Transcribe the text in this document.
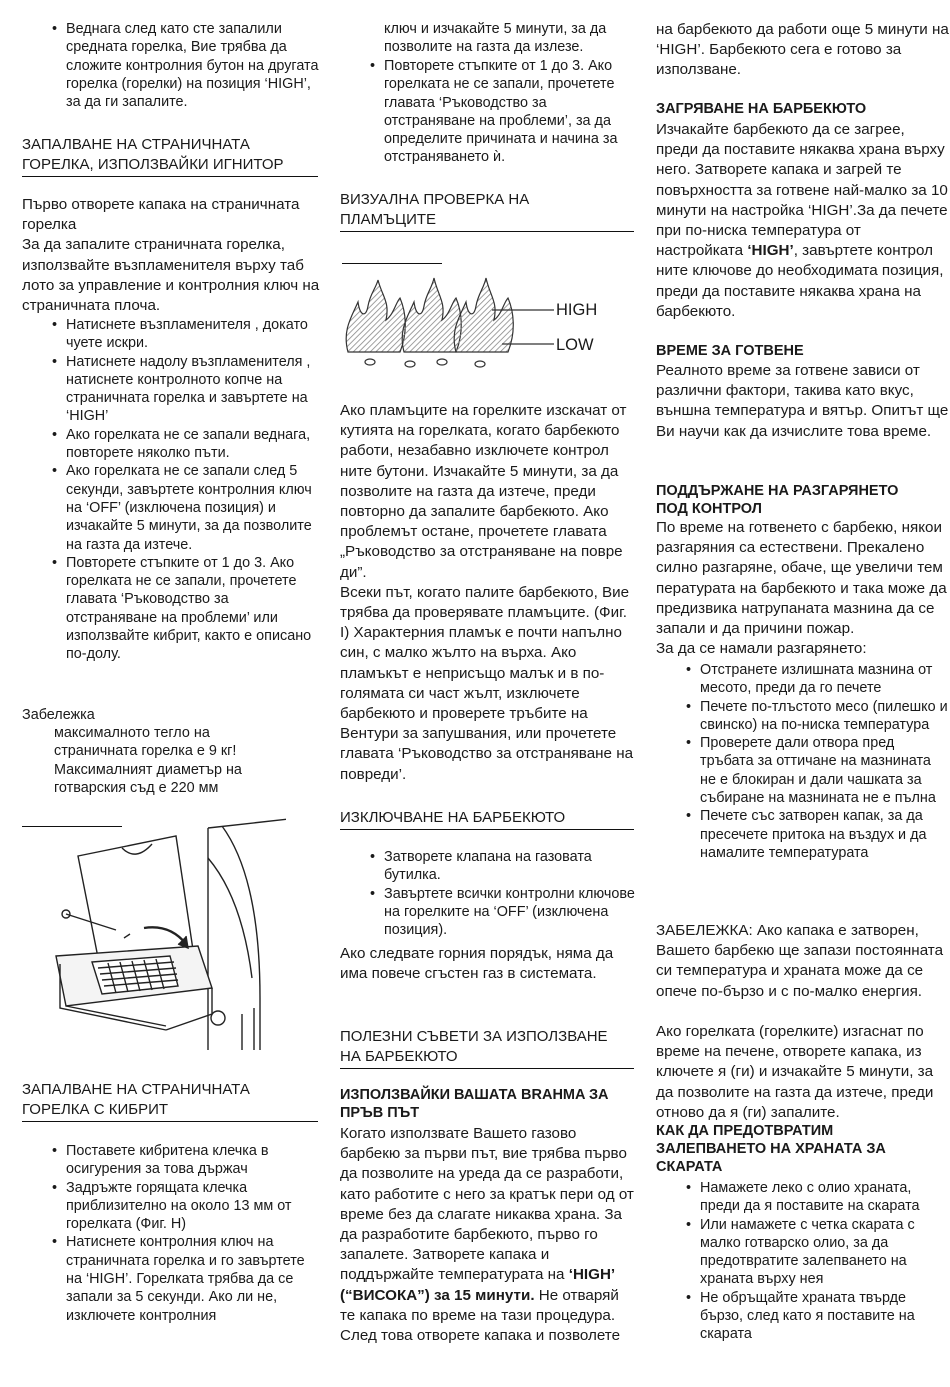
• Веднага след като сте запалили средната горелка, Вие трябва да сложите контролния бутон на другата горелка (горелки) на позиция ‘HIGH’, за да ги запалите.
ЗАПАЛВАНЕ НА СТРАНИЧНАТА
ГОРЕЛКА, ИЗПОЛЗВАЙКИ ИГНИТОР
Първо отворете капака на страничната горелка
За да запалите страничната горелка, използвайте възпламенителя върху таб лото за управление и контролния ключ на страничната плоча.
• Натиснете възпламенителя , докато чуете искри.
• Натиснете надолу възпламенителя , натиснете контролното копче на страничната горелка и завъртете на ‘HIGH’
• Ако горелката не се запали веднага, повторете няколко пъти.
• Ако горелката не се запали след 5 секунди, завъртете контролния ключ на ‘OFF’ (изключена позиция) и изчакайте 5 минути, за да позволите на газта да изтече.
• Повторете стъпките от 1 до 3. Ако горелката не се запали, прочетете главата ‘Ръководство за отстраняване на проблеми’ или използвайте кибрит, както е описано по-долу.
Забележка
максималното тегло на
страничната горелка е 9 кг!
Максималният диаметър на
готварския съд е 220 мм
ЗАПАЛВАНЕ НА СТРАНИЧНАТА
ГОРЕЛКА С КИБРИТ
• Поставете кибритена клечка в осигурения за това държач
• Задръжте горящата клечка приблизително на около 13 мм от горелката (Фиг. H)
• Натиснете контролния ключ на страничната горелка и го завъртете на ‘HIGH’. Горелката трябва да се запали за 5 секунди. Ако ли не, изключете контролния
ключ и изчакайте 5 минути, за да позволите на газта да излезе.
• Повторете стъпките от 1 до 3. Ако горелката не се запали, прочетете главата ‘Ръководство за отстраняване на проблеми’, за да определите причината и начина за отстраняването ѝ.
ВИЗУАЛНА ПРОВЕРКА НА
ПЛАМЪЦИТЕ
HIGH
LOW
Ако пламъците на горелките изскачат от кутията на горелката, когато барбекюто работи, незабавно изключете контрол ните бутони. Изчакайте 5 минути, за да позволите на газта да изтече, преди повторно да запалите барбекюто. Ако проблемът остане, прочетете главата „Ръководство за отстраняване на повре ди”.
Всеки път, когато палите барбекюто, Вие трябва да проверявате пламъците. (Фиг. I) Характерния пламък е почти напълно син, с малко жълто на върха. Ако пламъкът е неприсъщо малък и в по-голямата си част жълт, изключете барбекюто и проверете тръбите на Вентури за запушвания, или прочетете главата ‘Ръководство за отстраняване на повреди’.
ИЗКЛЮЧВАНЕ НА БАРБЕКЮТО
• Затворете клапана на газовата бутилка.
• Завъртете всички контролни ключове на горелките на ‘OFF’ (изключена позиция).
Ако следвате горния порядък, няма да има повече сгъстен газ в системата.
ПОЛЕЗНИ СЪВЕТИ ЗА ИЗПОЛЗВАНЕ
НА БАРБЕКЮТО
ИЗПОЛЗВАЙКИ ВАШАТА BRAHMA ЗА
ПРЪВ ПЪТ
Когато използвате Вашето газово барбекю за първи път, вие трябва първо да позволите на уреда да се разработи, като работите с него за кратък пери од от време без да слагате никаква храна. За да разработите барбекюто, първо го запалете. Затворете капака и поддържайте температурата на ‘HIGH’ (“ВИСОКА”) за 15 минути. Не отваряй те капака по време на тази процедура. След това отворете капака и позволете
на барбекюто да работи още 5 минути на ‘HIGH’. Барбекюто сега е готово за използване.
ЗАГРЯВАНЕ НА БАРБЕКЮТО
Изчакайте барбекюто да се загрее, преди да поставите някаква храна върху него. Затворете капака и загрей те повърхността за готвене най-малко за 10 минути на настройка ‘HIGH’.За да печете при по-ниска температура от настройката ‘HIGH’, завъртете контрол ните ключове до необходимата позиция, преди да поставите някаква храна на барбекюто.
ВРЕМЕ ЗА ГОТВЕНЕ
Реалното време за готвене зависи от различни фактори, такива като вкус, външна температура и вятър. Опитът ще Ви научи как да изчислите това време.
ПОДДЪРЖАНЕ НА РАЗГАРЯНЕТО
ПОД КОНТРОЛ
По време на готвенето с барбекю, някои разгаряния са естествени. Прекалено силно разгаряне, обаче, ще увеличи тем пературата на барбекюто и така може да предизвика натрупаната мазнина да се запали и да причини пожар.
За да се намали разгарянето:
• Отстранете излишната мазнина от месото, преди да го печете
• Печете по-тлъстото месо (пилешко и свинско) на по-ниска температура
• Проверете дали отвора пред тръбата за оттичане на мазнината не е блокиран и дали чашката за събиране на мазнината не е пълна
• Печете със затворен капак, за да пресечете притока на въздух и да намалите температурата
ЗАБЕЛЕЖКА: Ако капака е затворен, Вашето барбекю ще запази постоянната си температура и храната може да се опече по-бързо и с по-малко енергия.
Ако горелката (горелките) изгаснат по време на печене, отворете капака, из ключете я (ги) и изчакайте 5 минути, за да позволите на газта да изтече, преди отново да я (ги) запалите.
КАК ДА ПРЕДОТВРАТИМ
ЗАЛЕПВАНЕТО НА ХРАНАТА ЗА
СКАРАТА
• Намажете леко с олио храната, преди да я поставите на скарата
• Или намажете с четка скарата с малко готварско олио, за да предотвратите залепването на храната върху нея
• Не обръщайте храната твърде бързо, след като я поставите на скарата
